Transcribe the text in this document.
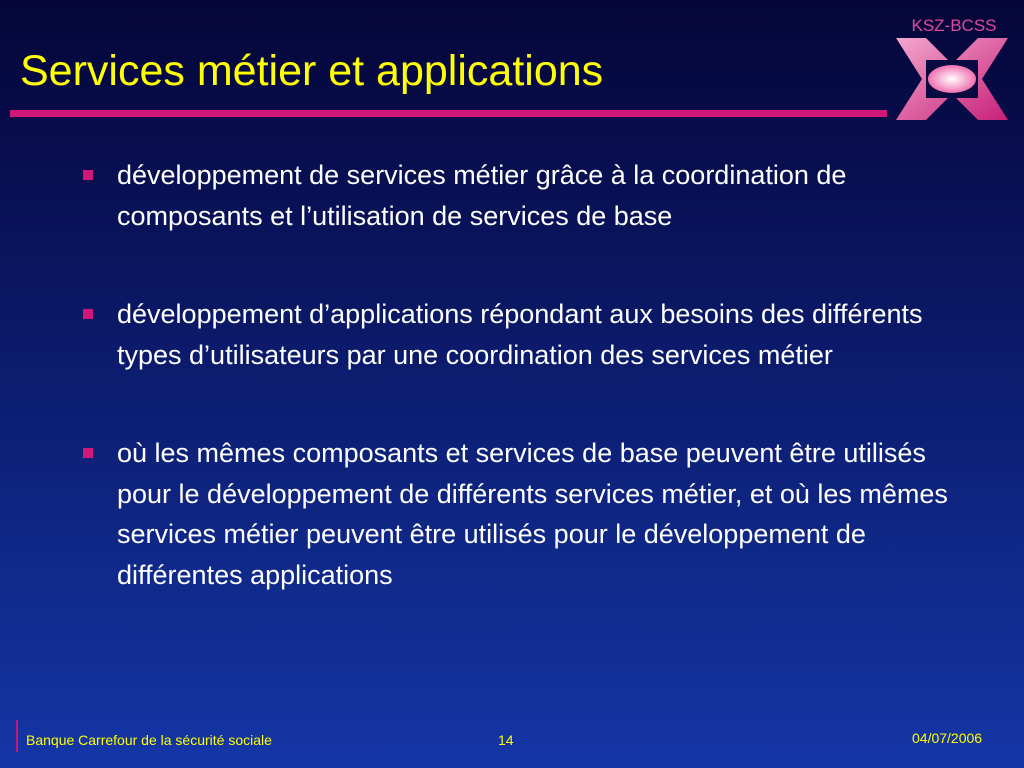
Services métier et applications
KSZ-BCSS
développement de services métier grâce à la coordination de composants et l’utilisation de services de base
développement d’applications répondant aux besoins des différents types d’utilisateurs par une coordination des services métier
où les mêmes composants et services de base peuvent être utilisés pour le développement de différents services métier, et où les mêmes services métier peuvent être utilisés pour le développement de différentes applications
Banque Carrefour de la sécurité sociale	14	04/07/2006
